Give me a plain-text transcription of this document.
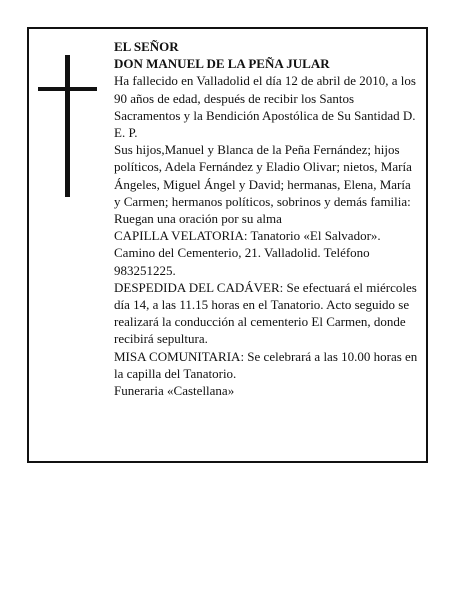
EL SEÑOR

DON MANUEL DE LA PEÑA JULAR

Ha fallecido en Valladolid el día 12 de abril de 2010, a los 90 años de edad, después de recibir los Santos Sacramentos y la Bendición Apostólica de Su Santidad D. E. P.

Sus hijos,Manuel y Blanca de la Peña Fernández; hijos políticos, Adela Fernández y Eladio Olivar; nietos, María Ángeles, Miguel Ángel y David; hermanas, Elena, María y Carmen; hermanos políticos, sobrinos y demás familia:

Ruegan una oración por su alma

CAPILLA VELATORIA: Tanatorio «El Salvador». Camino del Cementerio, 21. Valladolid. Teléfono 983251225.

DESPEDIDA DEL CADÁVER: Se efectuará el miércoles día 14, a las 11.15 horas en el Tanatorio. Acto seguido se realizará la conducción al cementerio El Carmen, donde recibirá sepultura.

MISA COMUNITARIA: Se celebrará a las 10.00 horas en la capilla del Tanatorio.

Funeraria «Castellana»
